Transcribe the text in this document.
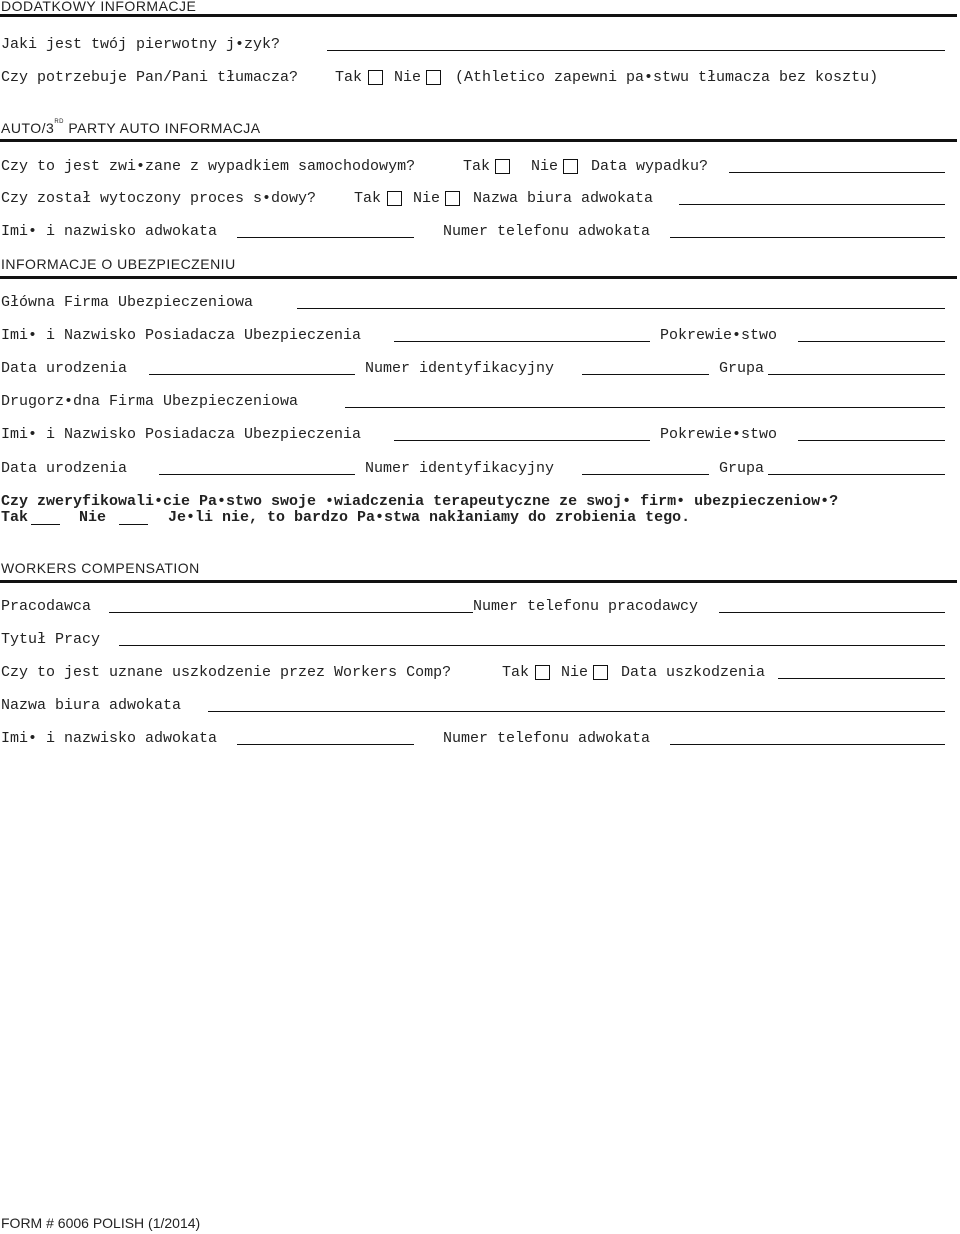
DODATKOWY INFORMACJE
Jaki jest twój pierwotny j•zyk?
Czy potrzebuje Pan/Pani tłumacza? Tak Nie (Athletico zapewni pa•stwu tłumacza bez kosztu)
AUTO/3RD PARTY AUTO INFORMACJA
Czy to jest zwi•zane z wypadkiem samochodowym?	Tak	Nie Data wypadku?
Czy został wytoczony proces s•dowy?	Tak Nie Nazwa biura adwokata
Imi• i nazwisko adwokata	Numer telefonu adwokata
INFORMACJE O UBEZPIECZENIU
Główna Firma Ubezpieczeniowa
Imi• i Nazwisko Posiadacza Ubezpieczenia	Pokrewie•stwo
Data urodzenia	Numer identyfikacyjny	Grupa
Drugorz•dna Firma Ubezpieczeniowa
Imi• i Nazwisko Posiadacza Ubezpieczenia	Pokrewie•stwo
Data urodzenia	Numer identyfikacyjny	Grupa
Czy zweryfikowali•cie Pa•stwo swoje •wiadczenia terapeutyczne ze swoj• firm• ubezpieczeniow•?
Tak	Nie	Je•li nie, to bardzo Pa•stwa nakłaniamy do zrobienia tego.
WORKERS COMPENSATION
Pracodawca	Numer telefonu pracodawcy
Tytuł Pracy
Czy to jest uznane uszkodzenie przez Workers Comp?	Tak Nie Data uszkodzenia
Nazwa biura adwokata
Imi• i nazwisko adwokata	Numer telefonu adwokata
FORM # 6006 POLISH (1/2014)
